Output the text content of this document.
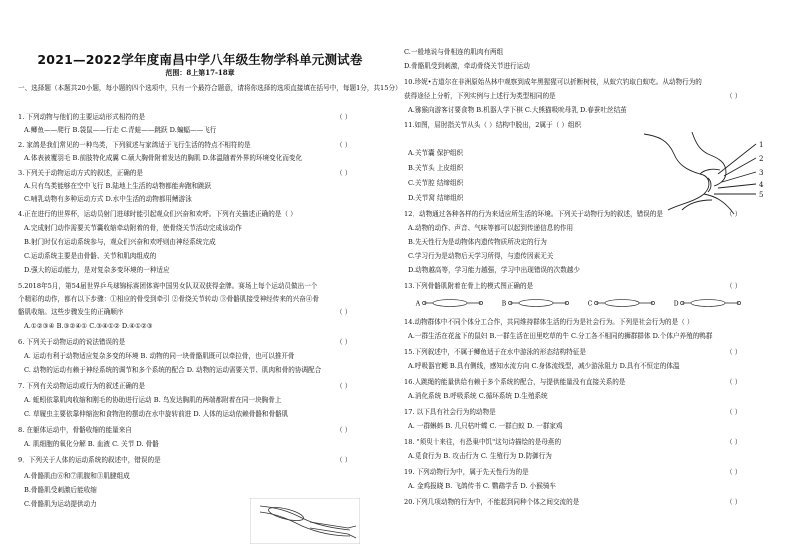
2021—2022学年度南昌中学八年级生物学科单元测试卷
范围：8上第17-18章
一、选择题（本题共20小题，每小题的四个选项中，只有一个最符合题意，请将你选择的选项直接填在括号中，每题1分，共15分）
1. 下列动物与他们的主要运动形式相符的是	（ ）
A.鲫鱼——爬行 B.袋鼠——行走 C.青蛙——跳跃 D.蝙蝠——飞行
2. 家鸽是我们常见的一种鸟类，下列叙述与家鸽适于飞行生活的特点不相符的是	（ ）
A.体表被覆羽毛 B.前肢特化成翼 C.硕大胸骨附着发达的胸肌 D.体温随着外界的环境变化而变化
3.下列关于动物运动方式的叙述，正确的是	（ ）
A.只有鸟类能够在空中飞行 B.陆地上生活的动物都能奔跑和跳跃
C.哺乳动物有多种运动方式 D.水中生活的动物都用鳍游泳
4.正在进行的世界杯，运动员射门进球时能引起观众们兴奋和欢呼。下列有关描述正确的是（ ）
A.完成射门动作需要关节囊收缩牵动附着的骨，使骨绕关节活动完成该动作
B.射门时仅有运动系统参与，观众们兴奋和欢呼则由神经系统完成
C.运动系统主要是由骨骼、关节和肌肉组成的
D.强大的运动能力，是对复杂多变环境的一种适应
5.2018年5月，第54届世界乒乓球锦标赛团体赛中国男女队双双获得金牌。赛场上每个运动员做出一个
个精彩的动作，都有以下步骤：①相应的骨受到牵引 ②骨绕关节转动 ③骨骼肌接受神经传来的兴奋④骨
骼肌收缩。这些步骤发生的正确顺序	（ ）
A.①②③④ B.③②④① C.③④①② D.④①②③
6. 下列关于动物运动的说法错误的是	（ ）
A. 运动有利于动物适应复杂多变的环境 B. 动物的同一块骨骼肌既可以牵拉骨，也可以推开骨
C. 动物的运动有赖于神经系统的调节和多个系统的配合 D. 动物的运动需要关节、肌肉和骨的协调配合
7. 下列有关动物运动或行为的叙述正确的是	（ ）
A. 蚯蚓依靠肌肉收缩和刚毛的协助进行运动 B. 鸟发达胸肌的两端都附着在同一块胸骨上
C. 草履虫主要依靠伸缩泡和食物泡的摆动在水中旋转前进 D. 人体的运动依赖骨骼和骨骼肌
8. 在躯体运动中，骨骼收缩的能量来自	（ ）
A. 肌细胞的氧化分解 B. 血液 C. 关节 D. 骨骼
9．下列关于人体的运动系统的叙述中，错误的是	（ ）
A.骨骼肌由⑥和⑦肌腹和③肌腱组成
B.骨骼肌受刺激后能收缩
C.骨骼肌为运动提供动力
1
2
3
4
5
A	B	C	D
C.一般地说与骨相连的肌肉有两组
D.骨骼肌受到刺激，牵动骨绕关节进行运动
10.珍妮•古道尔在非洲原始丛林中观察到成年黑猩猩可以折断树枝，从蚁穴钓取白蚁吃。从动物行为的
获得途径上分析，下列实例与上述行为类型相同的是	（ ）
A.猕猴向游客讨要食物 B.机器人学下棋 C.大熊猫吸吮母乳 D.春蚕吐丝结茧
11.如图，屈肘指关节从头（ ）结构中脱出，2属于（ ）组织
A.关节囊 保护组织
B.关节头 上皮组织
C.关节腔 结缔组织
D.关节窝 结缔组织
12．动物通过各种各样的行为来适应所生活的环境。下列关于动物行为的叙述，错误的是	（ ）
A.动物的动作、声音、气味等都可以起到传递信息的作用
B.先天性行为是动物体内遗传物质所决定的行为
C.学习行为是动物后天学习所得，与遗传因素无关
D.动物越高等，学习能力越强，学习中出现错误的次数越少
13.下列骨骼肌附着在骨上的模式图正确的是	（ ）
14.动物群体中不同个体分工合作，共同维持群体生活的行为是社会行为。下列是社会行为的是（ ）
A.一群生活在花盆下的鼠妇 B.一群生活在田里吃草的牛 C.分工各不相同的狮群群体 D.个体户养殖的鸭群
15.下列叙述中，不属于鲫鱼适于在水中游泳的形态结构特征是	（ ）
A.呼吸器官鳃 B.具有侧线，感知水流方向 C.身体流线型，减少游泳阻力 D.具有不恒定的体温
16.人跳绳的能量供给有赖于多个系统的配合，与提供能量没有直接关系的是	（ ）
A.消化系统 B.呼吸系统 C.循环系统 D.生殖系统
17. 以下具有社会行为的动物是	（ ）
A. 一群蝌蚪 B. 几只枯叶蝶 C. 一群白蚁 D. 一群家鸡
18. "须臾十来往，有恐巢中饥"这句诗描绘的是母燕的	（ ）
A.觅食行为 B. 攻击行为 C. 生殖行为 D.防御行为
19. 下列动物行为中，属于先天性行为的是	（ ）
A. 金鸡报晓 B. 飞鸽传书 C. 鹦鹉学舌 D. 小猴骑车
20.下列几项动物的行为中，不能起到同种个体之间交流的是	（ ）
